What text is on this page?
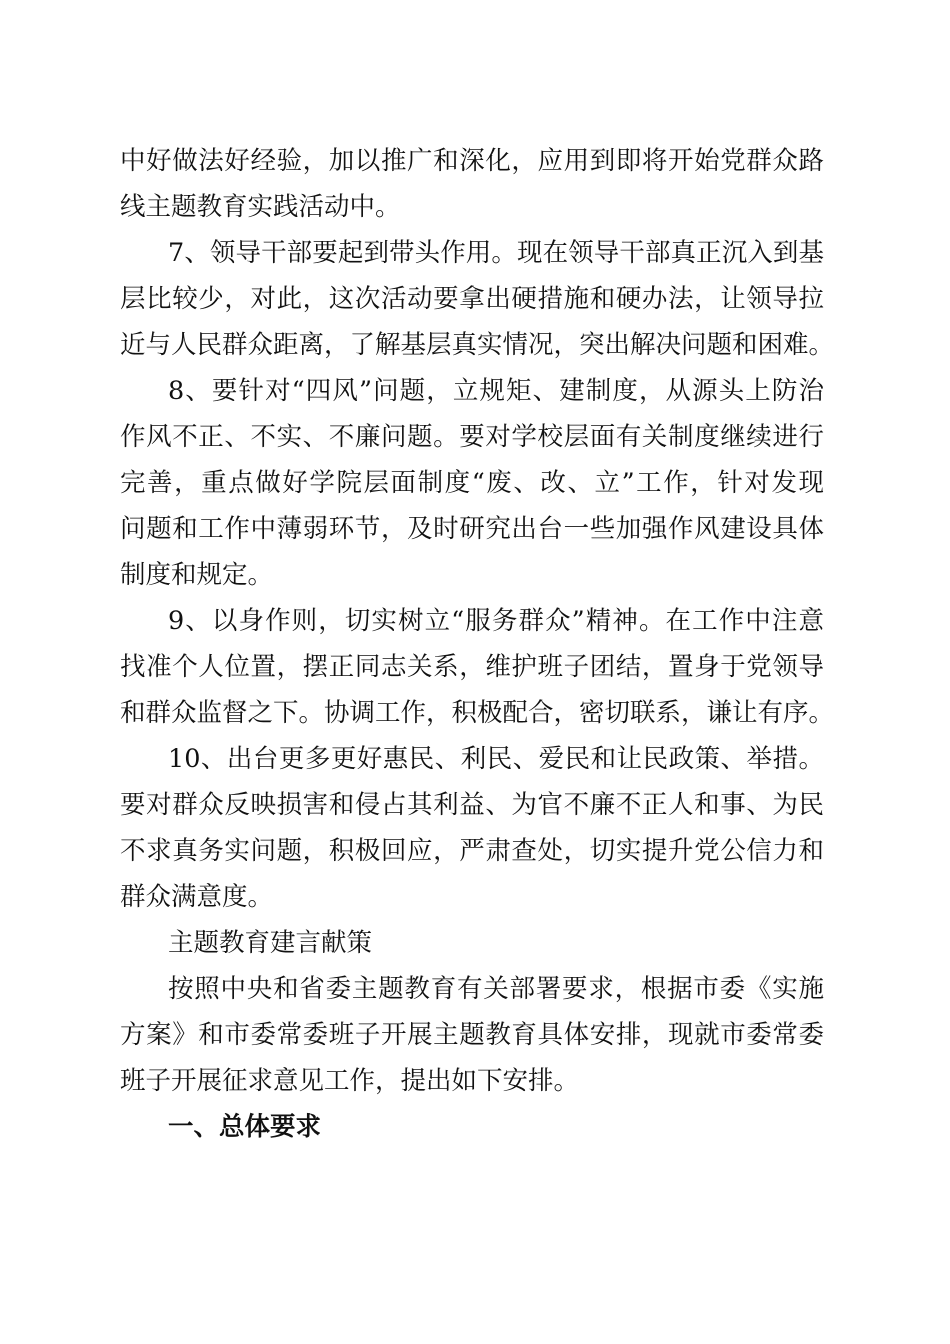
中好做法好经验，加以推广和深化，应用到即将开始党群众路
线主题教育实践活动中。
7、领导干部要起到带头作用。现在领导干部真正沉入到基
层比较少，对此，这次活动要拿出硬措施和硬办法，让领导拉
近与人民群众距离，了解基层真实情况，突出解决问题和困难。
8、要针对“四风”问题，立规矩、建制度，从源头上防治
作风不正、不实、不廉问题。要对学校层面有关制度继续进行
完善，重点做好学院层面制度“废、改、立”工作，针对发现
问题和工作中薄弱环节，及时研究出台一些加强作风建设具体
制度和规定。
9、以身作则，切实树立“服务群众”精神。在工作中注意
找准个人位置，摆正同志关系，维护班子团结，置身于党领导
和群众监督之下。协调工作，积极配合，密切联系，谦让有序。
10、出台更多更好惠民、利民、爱民和让民政策、举措。
要对群众反映损害和侵占其利益、为官不廉不正人和事、为民
不求真务实问题，积极回应，严肃查处，切实提升党公信力和
群众满意度。
主题教育建言献策
按照中央和省委主题教育有关部署要求，根据市委《实施
方案》和市委常委班子开展主题教育具体安排，现就市委常委
班子开展征求意见工作，提出如下安排。
一、总体要求
